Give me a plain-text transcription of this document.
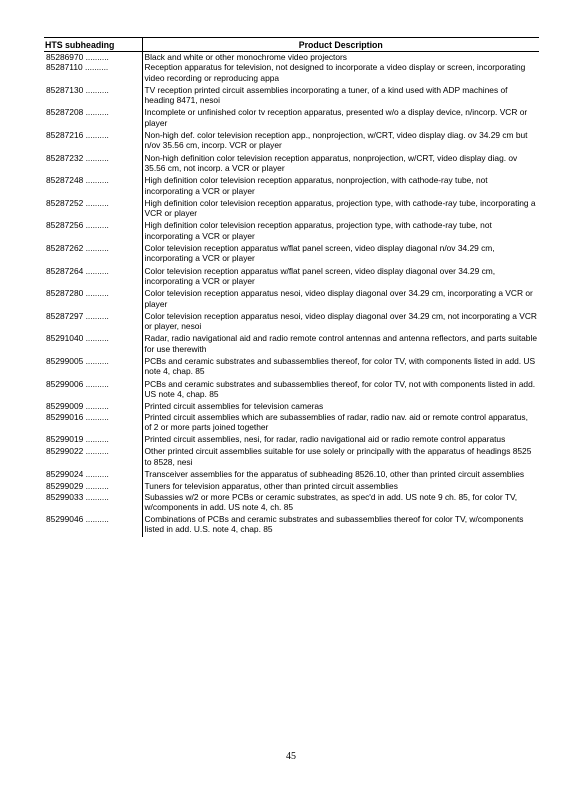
HTS subheading	Product Description
85286970 ..........	Black and white or other monochrome video projectors
85287110 ..........	Reception apparatus for television, not designed to incorporate a video display or screen, incorporating video recording or reproducing appa
85287130 ..........	TV reception printed circuit assemblies incorporating a tuner, of a kind used with ADP machines of heading 8471, nesoi
85287208 ..........	Incomplete or unfinished color tv reception apparatus, presented w/o a display device, n/incorp. VCR or player
85287216 ..........	Non-high def. color television reception app., nonprojection, w/CRT, video display diag. ov 34.29 cm but n/ov 35.56 cm, incorp. VCR or player
85287232 ..........	Non-high definition color television reception apparatus, nonprojection, w/CRT, video display diag. ov 35.56 cm, not incorp. a VCR or player
85287248 ..........	High definition color television reception apparatus, nonprojection, with cathode-ray tube, not incorporating a VCR or player
85287252 ..........	High definition color television reception apparatus, projection type, with cathode-ray tube, incorporating a VCR or player
85287256 ..........	High definition color television reception apparatus, projection type, with cathode-ray tube, not incorporating a VCR or player
85287262 ..........	Color television reception apparatus w/flat panel screen, video display diagonal n/ov 34.29 cm, incorporating a VCR or player
85287264 ..........	Color television reception apparatus w/flat panel screen, video display diagonal over 34.29 cm, incorporating a VCR or player
85287280 ..........	Color television reception apparatus nesoi, video display diagonal over 34.29 cm, incorporating a VCR or player
85287297 ..........	Color television reception apparatus nesoi, video display diagonal over 34.29 cm, not incorporating a VCR or player, nesoi
85291040 ..........	Radar, radio navigational aid and radio remote control antennas and antenna reflectors, and parts suitable for use therewith
85299005 ..........	PCBs and ceramic substrates and subassemblies thereof, for color TV, with components listed in add. US note 4, chap. 85
85299006 ..........	PCBs and ceramic substrates and subassemblies thereof, for color TV, not with components listed in add. US note 4, chap. 85
85299009 ..........	Printed circuit assemblies for television cameras
85299016 ..........	Printed circuit assemblies which are subassemblies of radar, radio nav. aid or remote control apparatus, of 2 or more parts joined together
85299019 ..........	Printed circuit assemblies, nesi, for radar, radio navigational aid or radio remote control apparatus
85299022 ..........	Other printed circuit assemblies suitable for use solely or principally with the apparatus of headings 8525 to 8528, nesi
85299024 ..........	Transceiver assemblies for the apparatus of subheading 8526.10, other than printed circuit assemblies
85299029 ..........	Tuners for television apparatus, other than printed circuit assemblies
85299033 ..........	Subassies w/2 or more PCBs or ceramic substrates, as spec'd in add. US note 9 ch. 85, for color TV, w/components in add. US note 4, ch. 85
85299046 ..........	Combinations of PCBs and ceramic substrates and subassemblies thereof for color TV, w/components listed in add. U.S. note 4, chap. 85
45
